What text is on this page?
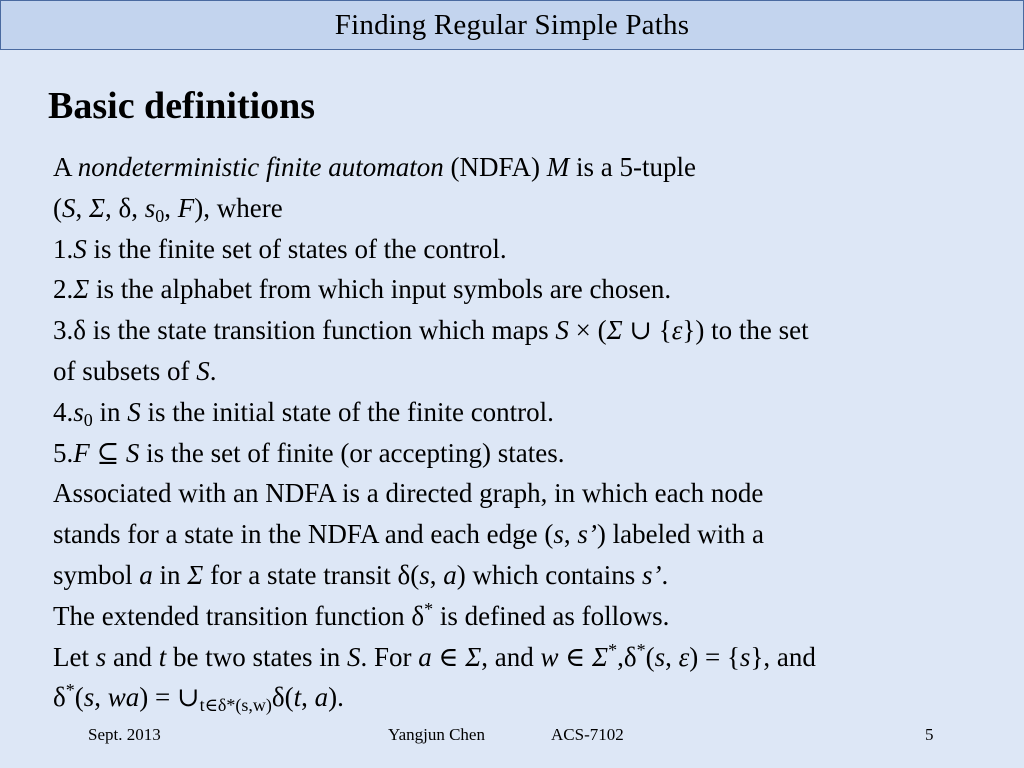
Finding Regular Simple Paths
Basic definitions
A nondeterministic finite automaton (NDFA) M is a 5-tuple
(S, Σ, δ, $s_0$, F), where
1.S is the finite set of states of the control.
2.Σ is the alphabet from which input symbols are chosen.
3.δ is the state transition function which maps S × (Σ ∪ {ε}) to the set
of subsets of S.
$4.s_0$ in S is the initial state of the finite control.
5.F ⊆ S is the set of finite (or accepting) states.
Associated with an NDFA is a directed graph, in which each node
stands for a state in the NDFA and each edge (s, s’) labeled with a
symbol a in Σ for a state transit δ(s, a) which contains s’.
The extended transition function δ* is defined as follows.
Let s and t be two states in S. For a ∈ Σ, and w ∈ Σ*,δ*(s, ε) = {s}, and
δ*(s, $wa) = \cup_{t\in\delta*(s,w)}\delta(t$, a).
Sept. 2013	Yangjun Chen	ACS-7102	5
